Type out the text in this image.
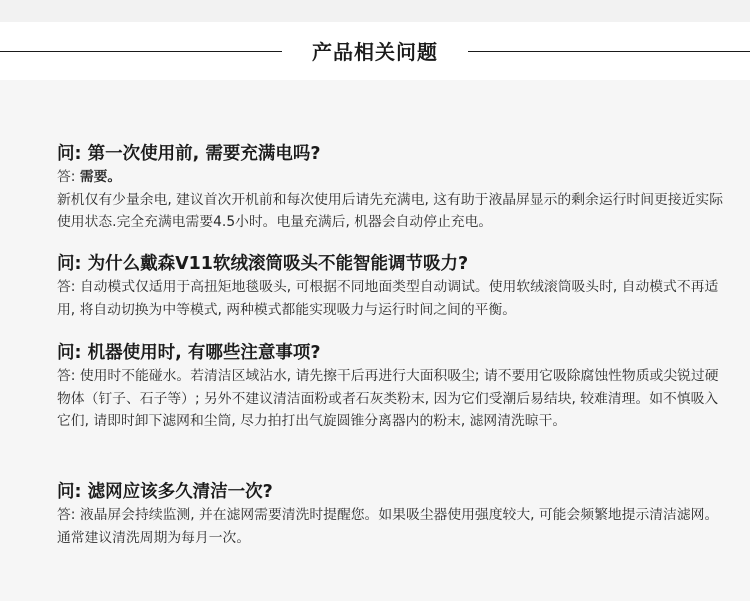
产品相关问题
问: 第一次使用前, 需要充满电吗?
答: 需要。
新机仅有少量余电, 建议首次开机前和每次使用后请先充满电, 这有助于液晶屏显示的剩余运行时间更接近实际使用状态.完全充满电需要4.5小时。电量充满后, 机器会自动停止充电。
问: 为什么戴森V11软绒滚筒吸头不能智能调节吸力?
答: 自动模式仅适用于高扭矩地毯吸头, 可根据不同地面类型自动调试。使用软绒滚筒吸头时, 自动模式不再适用, 将自动切换为中等模式, 两种模式都能实现吸力与运行时间之间的平衡。
问: 机器使用时, 有哪些注意事项?
答: 使用时不能碰水。若清洁区域沾水, 请先擦干后再进行大面积吸尘; 请不要用它吸除腐蚀性物质或尖锐过硬物体（钉子、石子等）; 另外不建议清洁面粉或者石灰类粉末, 因为它们受潮后易结块, 较难清理。如不慎吸入它们, 请即时卸下滤网和尘筒, 尽力拍打出气旋圆锥分离器内的粉末, 滤网清洗晾干。
问: 滤网应该多久清洁一次?
答: 液晶屏会持续监测, 并在滤网需要清洗时提醒您。如果吸尘器使用强度较大, 可能会频繁地提示清洁滤网。通常建议清洗周期为每月一次。
